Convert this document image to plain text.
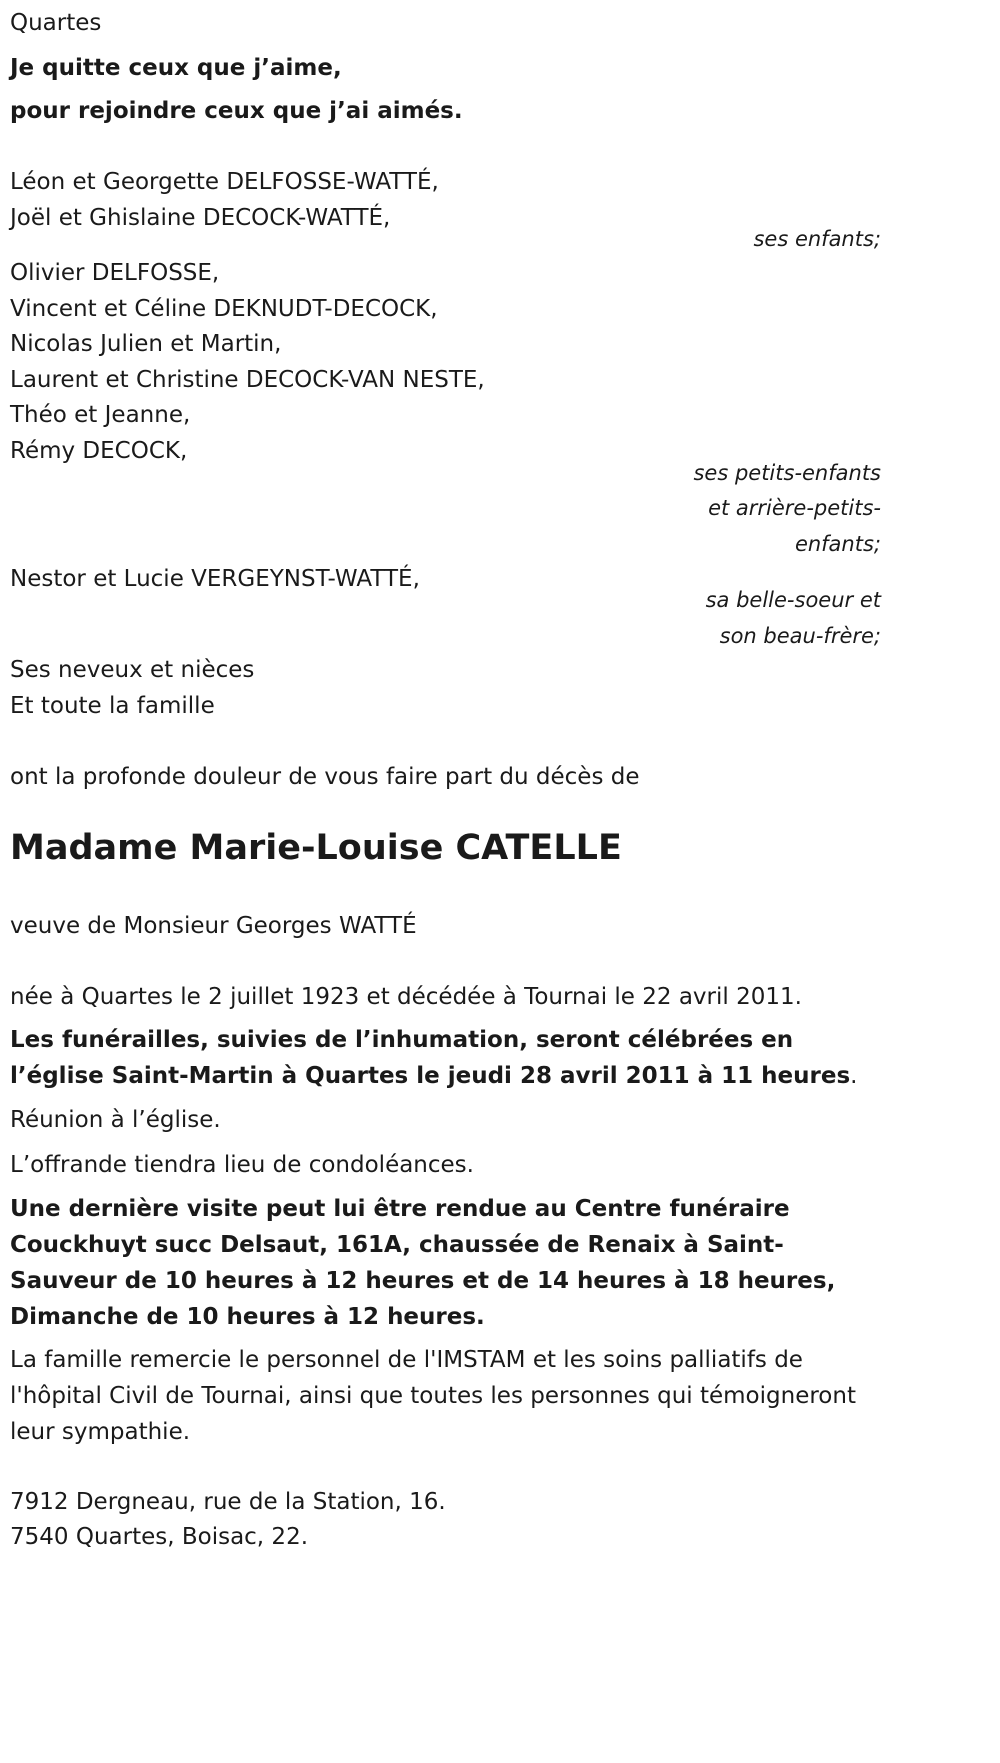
Quartes
Je quitte ceux que j’aime,
pour rejoindre ceux que j’ai aimés.
Léon et Georgette DELFOSSE-WATTÉ,
Joël et Ghislaine DECOCK-WATTÉ,
ses enfants;
Olivier DELFOSSE,
Vincent et Céline DEKNUDT-DECOCK,
Nicolas Julien et Martin,
Laurent et Christine DECOCK-VAN NESTE,
Théo et Jeanne,
Rémy DECOCK,
ses petits-enfants
et arrière-petits-
enfants;
Nestor et Lucie VERGEYNST-WATTÉ,
sa belle-soeur et
son beau-frère;
Ses neveux et nièces
Et toute la famille
ont la profonde douleur de vous faire part du décès de
Madame Marie-Louise CATELLE
veuve de Monsieur Georges WATTÉ
née à Quartes le 2 juillet 1923 et décédée à Tournai le 22 avril 2011.
Les funérailles, suivies de l’inhumation, seront célébrées en l’église Saint-Martin à Quartes le jeudi 28 avril 2011 à 11 heures.
Réunion à l’église.
L’offrande tiendra lieu de condoléances.
Une dernière visite peut lui être rendue au Centre funéraire Couckhuyt succ Delsaut, 161A, chaussée de Renaix à Saint-Sauveur de 10 heures à 12 heures et de 14 heures à 18 heures, Dimanche de 10 heures à 12 heures.
La famille remercie le personnel de l'IMSTAM et les soins palliatifs de l'hôpital Civil de Tournai, ainsi que toutes les personnes qui témoigneront leur sympathie.
7912 Dergneau, rue de la Station, 16.
7540 Quartes, Boisac, 22.
